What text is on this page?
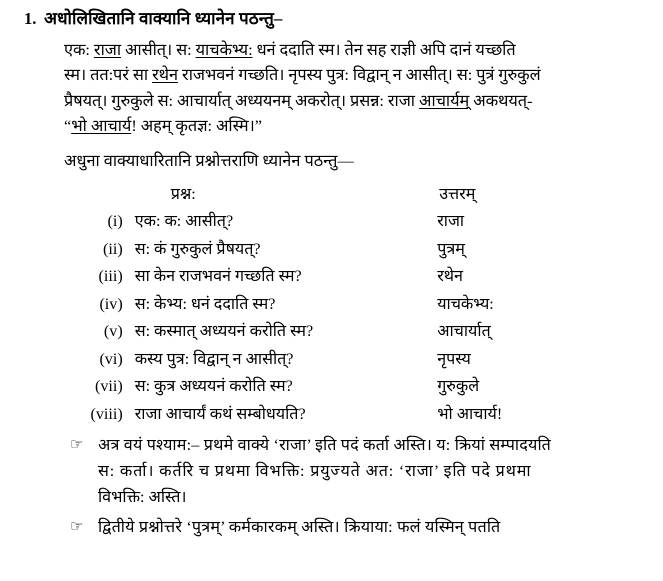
1. अधोलिखितानि वाक्यानि ध्यानेन पठन्तु–
एक: राजा आसीत्। स: याचकेभ्य: धनं ददाति स्म। तेन सह राज्ञी अपि दानं यच्छति
स्म। तत:परं सा रथेन राजभवनं गच्छति। नृपस्य पुत्र: विद्वान् न आसीत्। स: पुत्रं गुरुकुलं
प्रैषयत्। गुरुकुले स: आचार्यात् अध्ययनम् अकरोत्। प्रसन्न: राजा आचार्यम् अकथयत्-
“भो आचार्य! अहम् कृतज्ञ: अस्मि।”
अधुना वाक्याधारितानि प्रश्नोत्तराणि ध्यानेन पठन्तु—
	प्रश्न:	उत्तरम्
(i)	एक: क: आसीत्?	राजा
(ii)	स: कं गुरुकुलं प्रैषयत्?	पुत्रम्
(iii)	सा केन राजभवनं गच्छति स्म?	रथेन
(iv)	स: केभ्य: धनं ददाति स्म?	याचकेभ्य:
(v)	स: कस्मात् अध्ययनं करोति स्म?	आचार्यात्
(vi)	कस्य पुत्र: विद्वान् न आसीत्?	नृपस्य
(vii)	स: कुत्र अध्ययनं करोति स्म?	गुरुकुले
(viii)	राजा आचार्यं कथं सम्बोधयति?	भो आचार्य!
☞ अत्र वयं पश्याम:– प्रथमे वाक्ये ‘राजा’ इति पदं कर्ता अस्ति। य: क्रियां सम्पादयति
स: कर्ता। कर्तरि च प्रथमा विभक्ति: प्रयुज्यते अत: ‘राजा’ इति पदे प्रथमा
विभक्ति: अस्ति।
☞ द्वितीये प्रश्नोत्तरे ‘पुत्रम्’ कर्मकारकम् अस्ति। क्रियाया: फलं यस्मिन् पतति
